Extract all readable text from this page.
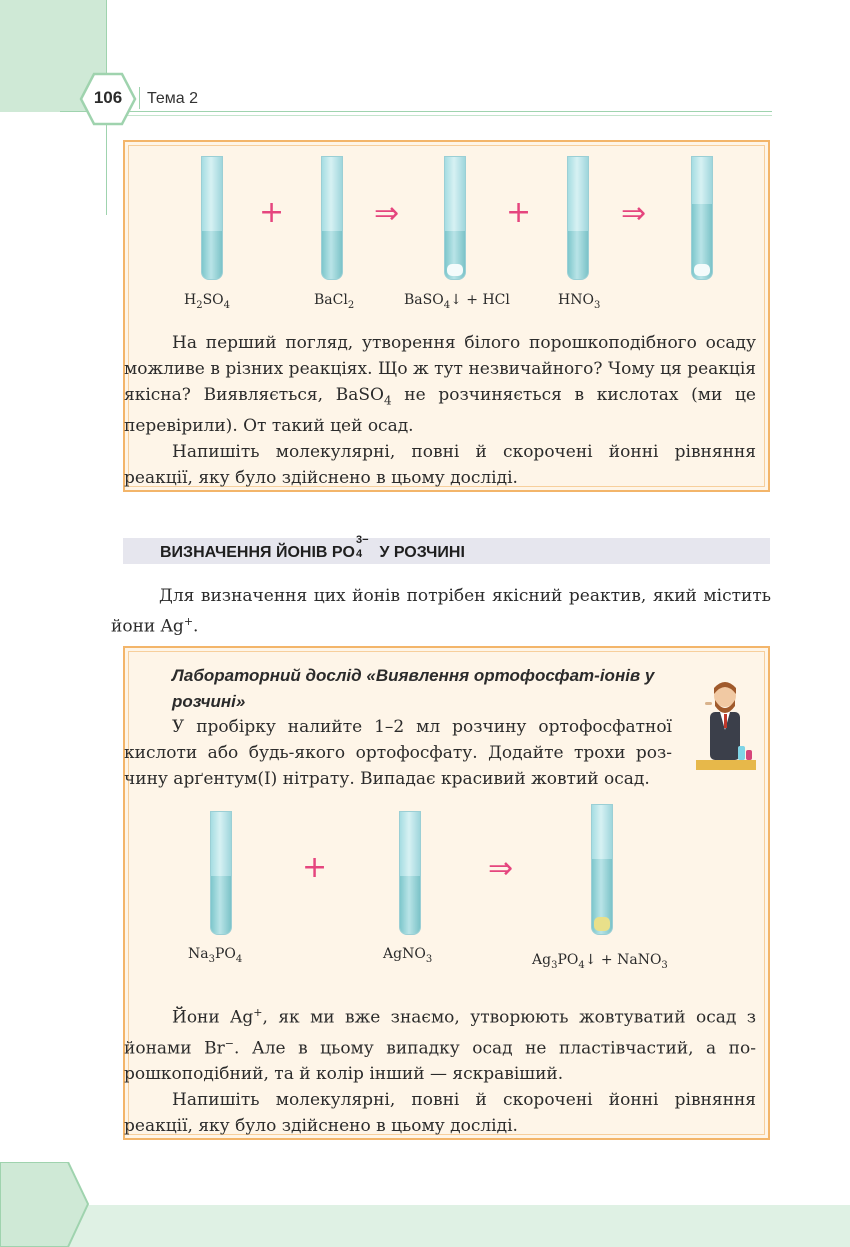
106	Тема 2
+	⇒	+	⇒
$H_2SO_4$	BaCl$_2$	BaSO$_4$↓ + HCl	$HNO_3$

На перший погляд, утворення білого порошкоподібного осаду можливе в різних реакціях. Що ж тут незвичайного? Чому ця реакція якісна? Виявляється, BaSO$_4$ не розчиняється в кислотах (ми це перевірили). От такий цей осад.

Напишіть молекулярні, повні й скорочені йонні рівняння реакції, яку було здійснено в цьому досліді.

ВИЗНАЧЕННЯ ЙОНІВ PO
3−
4 У РОЗЧИНІ

Для визначення цих йонів потрібен якісний реактив, який містить йони Ag+.

Лабораторний дослід «Виявлення ортофосфат-іонів у розчині»

У пробірку налийте 1–2 мл розчину ортофосфатної кислоти або будь-якого ортофосфату. Додайте трохи розчину арґентум(I) нітрату. Випадає красивий жовтий осад.

+	⇒
$Na_3PO_4$	AgNO$_3$	$Ag_3PO_4↓$ + NaNO$_3$

Йони Ag+, як ми вже знаємо, утворюють жовтуватий осад з йонами Br−. Але в цьому випадку осад не пластівчастий, а порошкоподібний, та й колір інший — яскравіший.

Напишіть молекулярні, повні й скорочені йонні рівняння реакції, яку було здійснено в цьому досліді.
